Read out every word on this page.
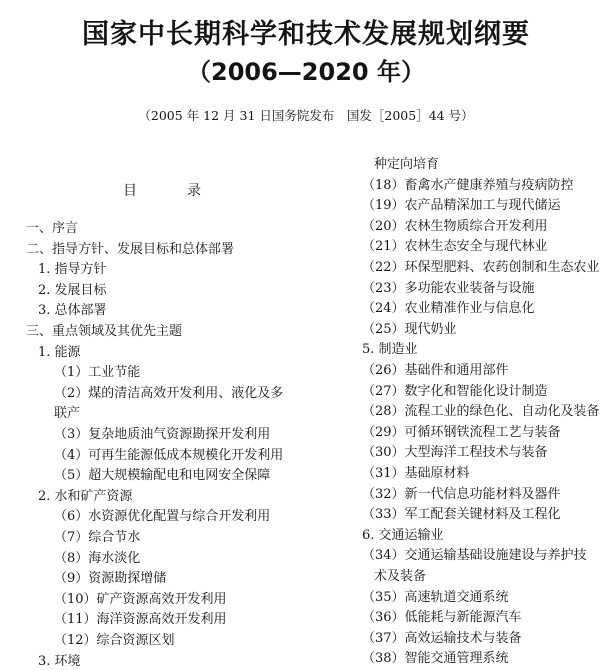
国家中长期科学和技术发展规划纲要
（2006—2020 年）
（2005 年 12 月 31 日国务院发布　国发［2005］44 号）
目　录
一、序言
二、指导方针、发展目标和总体部署
1. 指导方针
2. 发展目标
3. 总体部署
三、重点领域及其优先主题
1. 能源
（1）工业节能
（2）煤的清洁高效开发利用、液化及多
联产
（3）复杂地质油气资源勘探开发利用
（4）可再生能源低成本规模化开发利用
（5）超大规模输配电和电网安全保障
2. 水和矿产资源
（6）水资源优化配置与综合开发利用
（7）综合节水
（8）海水淡化
（9）资源勘探增储
（10）矿产资源高效开发利用
（11）海洋资源高效开发利用
（12）综合资源区划
3. 环境
种定向培育
（18）畜禽水产健康养殖与疫病防控
（19）农产品精深加工与现代储运
（20）农林生物质综合开发利用
（21）农林生态安全与现代林业
（22）环保型肥料、农药创制和生态农业
（23）多功能农业装备与设施
（24）农业精准作业与信息化
（25）现代奶业
5. 制造业
（26）基础件和通用部件
（27）数字化和智能化设计制造
（28）流程工业的绿色化、自动化及装备
（29）可循环钢铁流程工艺与装备
（30）大型海洋工程技术与装备
（31）基础原材料
（32）新一代信息功能材料及器件
（33）军工配套关键材料及工程化
6. 交通运输业
（34）交通运输基础设施建设与养护技
术及装备
（35）高速轨道交通系统
（36）低能耗与新能源汽车
（37）高效运输技术与装备
（38）智能交通管理系统
